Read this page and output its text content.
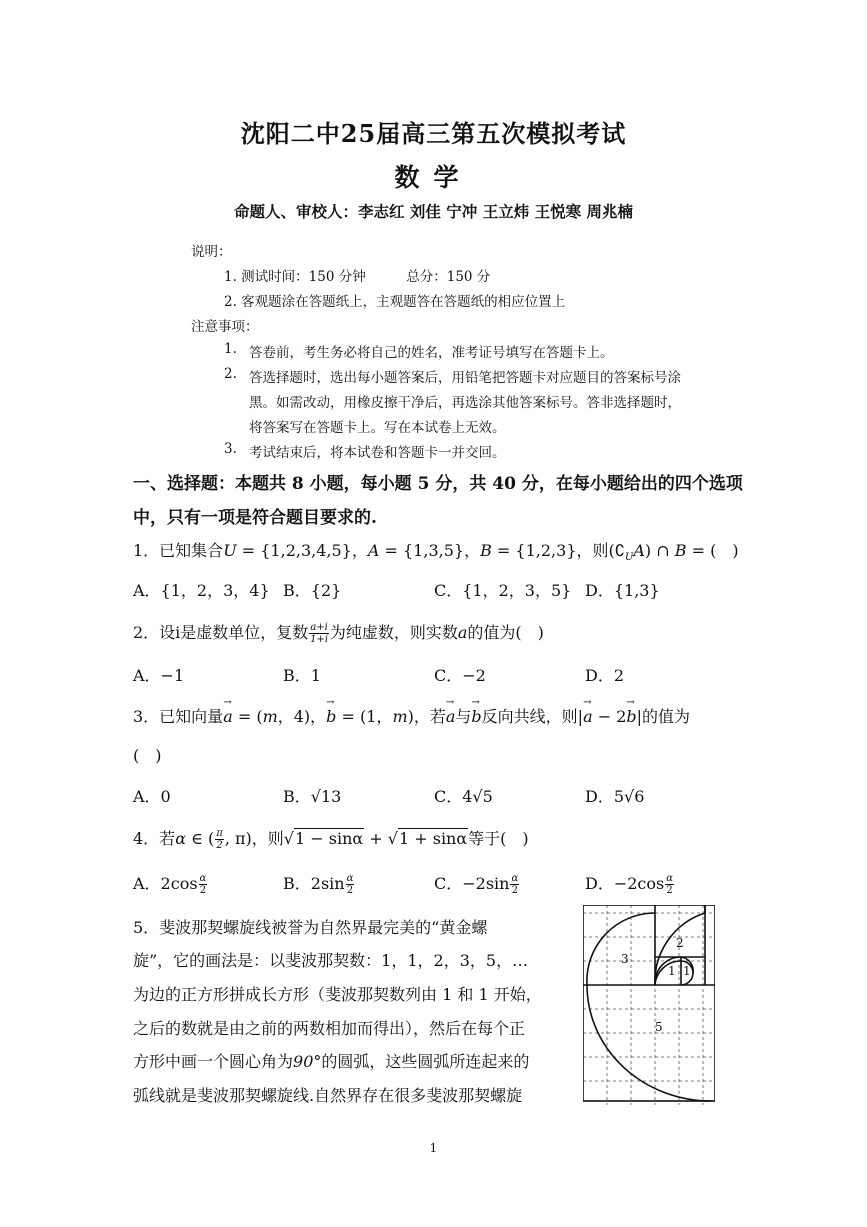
沈阳二中25届高三第五次模拟考试
数学
命题人、审校人：李志红 刘佳 宁冲 王立炜 王悦寒 周兆楠
说明：
1. 测试时间：150 分钟　　　总分：150 分
2. 客观题涂在答题纸上，主观题答在答题纸的相应位置上
注意事项：
1. 答卷前，考生务必将自己的姓名，准考证号填写在答题卡上。
2. 答选择题时，选出每小题答案后，用铅笔把答题卡对应题目的答案标号涂
黑。如需改动，用橡皮擦干净后，再选涂其他答案标号。答非选择题时，
将答案写在答题卡上。写在本试卷上无效。
3. 考试结束后，将本试卷和答题卡一并交回。
一、选择题：本题共 8 小题，每小题 5 分，共 40 分，在每小题给出的四个选项
中，只有一项是符合题目要求的.
1．已知集合U = {1,2,3,4,5}，A = {1,3,5}，B = {1,2,3}，则$(∁_UA)$ ∩ B = (　)
A．{1，2，3，4} B．{2}	C．{1，2，3，5} D．{1,3}
2．设i是虚数单位，复数 $\frac{a+i}{1+i}$ 为纯虚数，则实数a的值为(　)
A．−1	B．1	C．−2	D．2
3．已知向量→ a = (m，4)，→ b = (1，m)，若→ a与→ b反向共线，则|→ a − 2→ b|的值为
(　)
A．0	B．√13	C．4√5	D．5√6
4．若α ∈ ( $\frac{\pi}{2}$ , π)，则√1 − sinα + √1 + sinα等于(　)
A．$2\cos \frac{\alpha}{2}$	B．$2\sin \frac{\alpha}{2}$	C．$-2\sin \frac{\alpha}{2}$	D．$-2\cos \frac{\alpha}{2}$
5．斐波那契螺旋线被誉为自然界最完美的“黄金螺
旋”，它的画法是：以斐波那契数：1，1，2，3，5，…
为边的正方形拼成长方形（斐波那契数列由 1 和 1 开始，
之后的数就是由之前的两数相加而得出），然后在每个正
方形中画一个圆心角为90°的圆弧，这些圆弧所连起来的
弧线就是斐波那契螺旋线.自然界存在很多斐波那契螺旋
3
2
1 1
5
1
